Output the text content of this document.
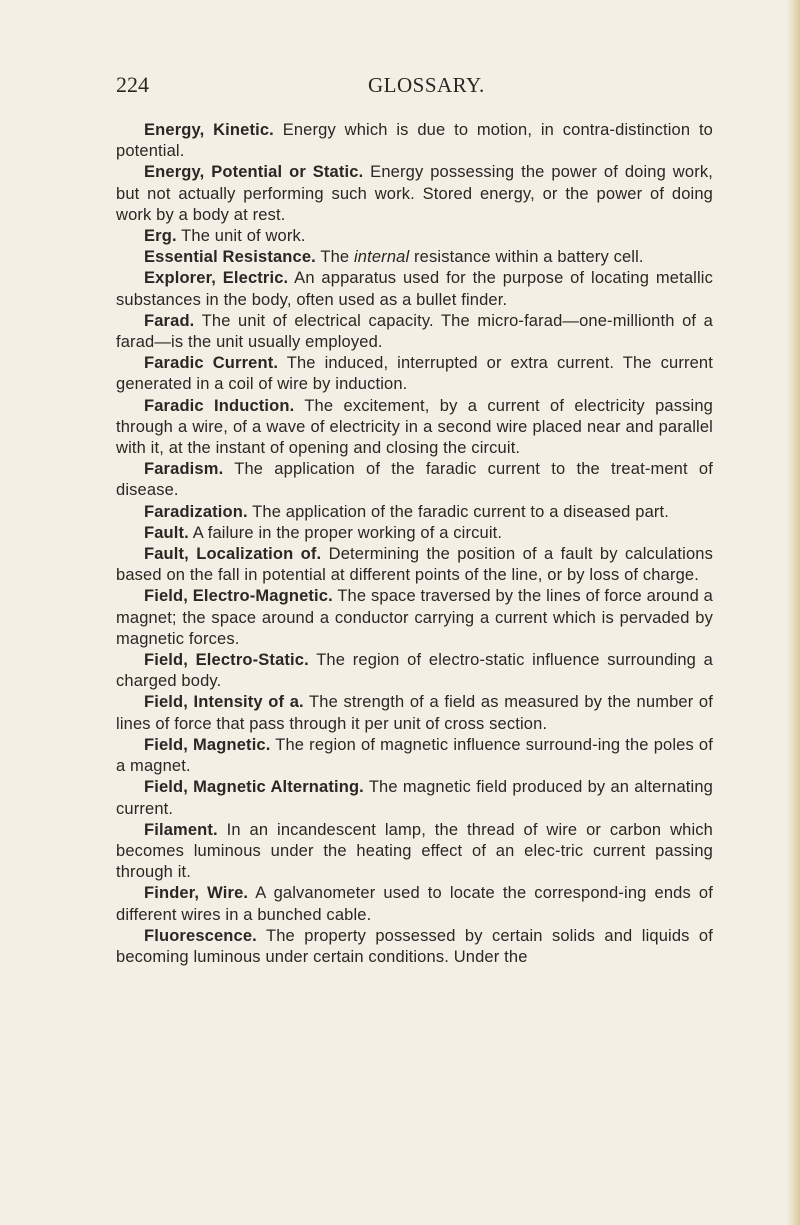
224	GLOSSARY.

Energy, Kinetic. Energy which is due to motion, in contra-distinction to potential.

Energy, Potential or Static. Energy possessing the power of doing work, but not actually performing such work. Stored energy, or the power of doing work by a body at rest.

Erg. The unit of work.

Essential Resistance. The internal resistance within a battery cell.

Explorer, Electric. An apparatus used for the purpose of locating metallic substances in the body, often used as a bullet finder.

Farad. The unit of electrical capacity. The micro-farad—one-millionth of a farad—is the unit usually employed.

Faradic Current. The induced, interrupted or extra current. The current generated in a coil of wire by induction.

Faradic Induction. The excitement, by a current of electricity passing through a wire, of a wave of electricity in a second wire placed near and parallel with it, at the instant of opening and closing the circuit.

Faradism. The application of the faradic current to the treat-ment of disease.

Faradization. The application of the faradic current to a diseased part.

Fault. A failure in the proper working of a circuit.

Fault, Localization of. Determining the position of a fault by calculations based on the fall in potential at different points of the line, or by loss of charge.

Field, Electro-Magnetic. The space traversed by the lines of force around a magnet; the space around a conductor carrying a current which is pervaded by magnetic forces.

Field, Electro-Static. The region of electro-static influence surrounding a charged body.

Field, Intensity of a. The strength of a field as measured by the number of lines of force that pass through it per unit of cross section.

Field, Magnetic. The region of magnetic influence surround-ing the poles of a magnet.

Field, Magnetic Alternating. The magnetic field produced by an alternating current.

Filament. In an incandescent lamp, the thread of wire or carbon which becomes luminous under the heating effect of an elec-tric current passing through it.

Finder, Wire. A galvanometer used to locate the correspond-ing ends of different wires in a bunched cable.

Fluorescence. The property possessed by certain solids and liquids of becoming luminous under certain conditions. Under the
